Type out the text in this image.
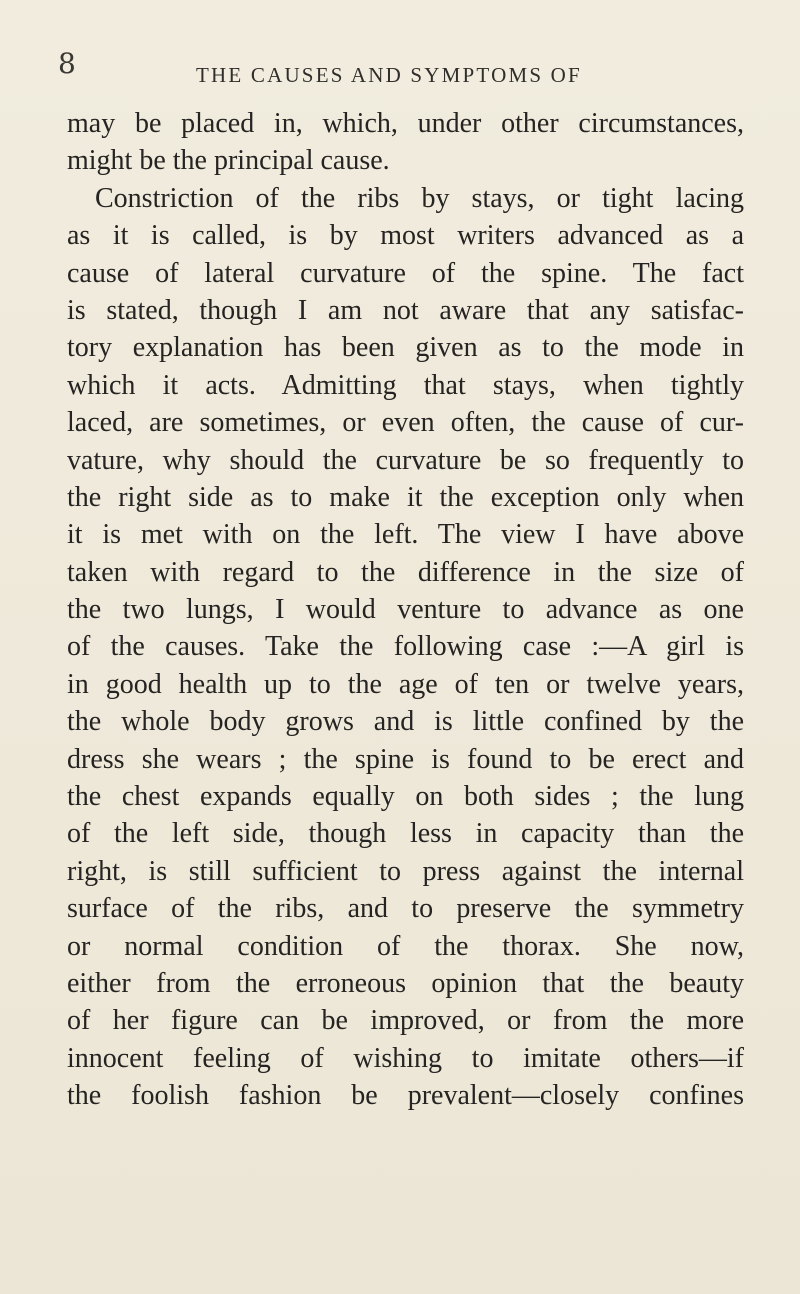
8	THE CAUSES AND SYMPTOMS OF
may be placed in, which, under other circumstances,
might be the principal cause.
Constriction of the ribs by stays, or tight lacing
as it is called, is by most writers advanced as a
cause of lateral curvature of the spine. The fact
is stated, though I am not aware that any satisfac-
tory explanation has been given as to the mode in
which it acts. Admitting that stays, when tightly
laced, are sometimes, or even often, the cause of cur-
vature, why should the curvature be so frequently to
the right side as to make it the exception only when
it is met with on the left. The view I have above
taken with regard to the difference in the size of
the two lungs, I would venture to advance as one
of the causes. Take the following case :—A girl is
in good health up to the age of ten or twelve years,
the whole body grows and is little confined by the
dress she wears ; the spine is found to be erect and
the chest expands equally on both sides ; the lung
of the left side, though less in capacity than the
right, is still sufficient to press against the internal
surface of the ribs, and to preserve the symmetry
or normal condition of the thorax. She now,
either from the erroneous opinion that the beauty
of her figure can be improved, or from the more
innocent feeling of wishing to imitate others—if
the foolish fashion be prevalent—closely confines
